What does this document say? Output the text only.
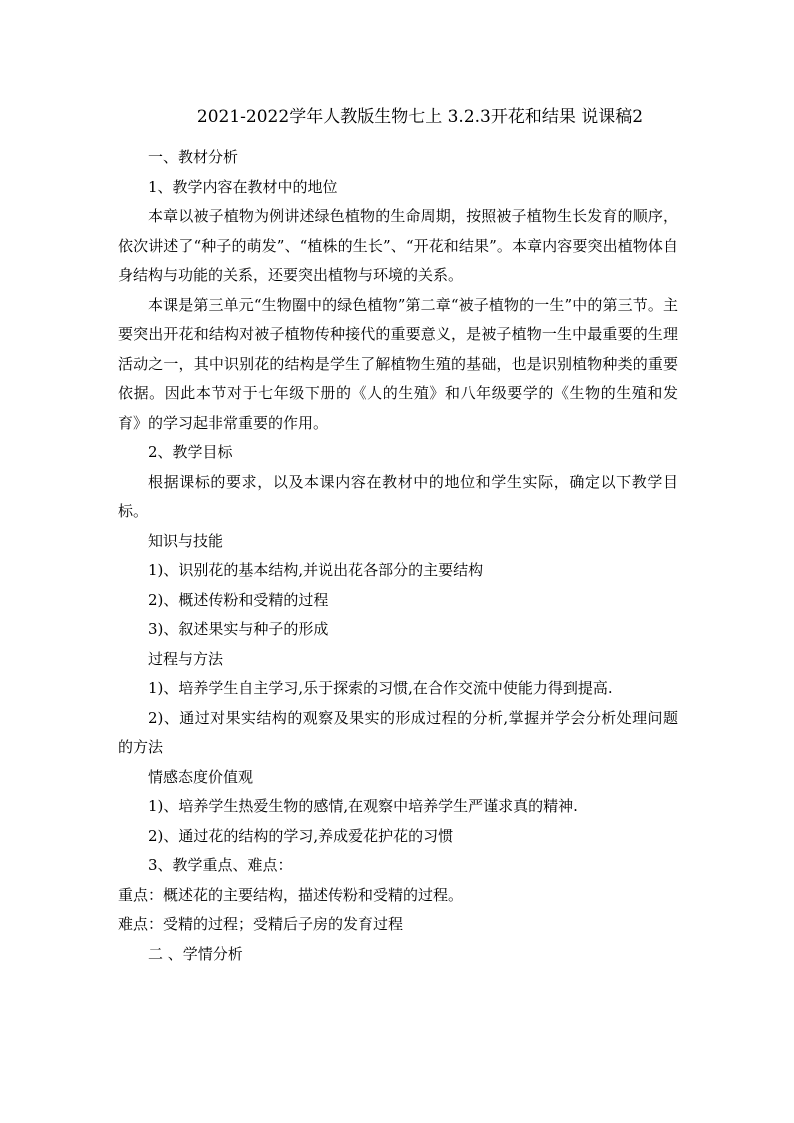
2021-2022学年人教版生物七上 3.2.3开花和结果 说课稿2

一、教材分析

1、教学内容在教材中的地位

本章以被子植物为例讲述绿色植物的生命周期，按照被子植物生长发育的顺序，依次讲述了“种子的萌发”、“植株的生长”、“开花和结果”。本章内容要突出植物体自身结构与功能的关系，还要突出植物与环境的关系。

本课是第三单元“生物圈中的绿色植物”第二章“被子植物的一生”中的第三节。主要突出开花和结构对被子植物传种接代的重要意义，是被子植物一生中最重要的生理活动之一，其中识别花的结构是学生了解植物生殖的基础，也是识别植物种类的重要依据。因此本节对于七年级下册的《人的生殖》和八年级要学的《生物的生殖和发育》的学习起非常重要的作用。

2、教学目标

根据课标的要求，以及本课内容在教材中的地位和学生实际，确定以下教学目标。

知识与技能

1)、识别花的基本结构,并说出花各部分的主要结构

2)、概述传粉和受精的过程

3)、叙述果实与种子的形成

过程与方法

1)、培养学生自主学习,乐于探索的习惯,在合作交流中使能力得到提高.

2)、通过对果实结构的观察及果实的形成过程的分析,掌握并学会分析处理问题的方法

情感态度价值观

1)、培养学生热爱生物的感情,在观察中培养学生严谨求真的精神.

2)、通过花的结构的学习,养成爱花护花的习惯

3、教学重点、难点：

重点：概述花的主要结构，描述传粉和受精的过程。

难点：受精的过程；受精后子房的发育过程

二 、学情分析
